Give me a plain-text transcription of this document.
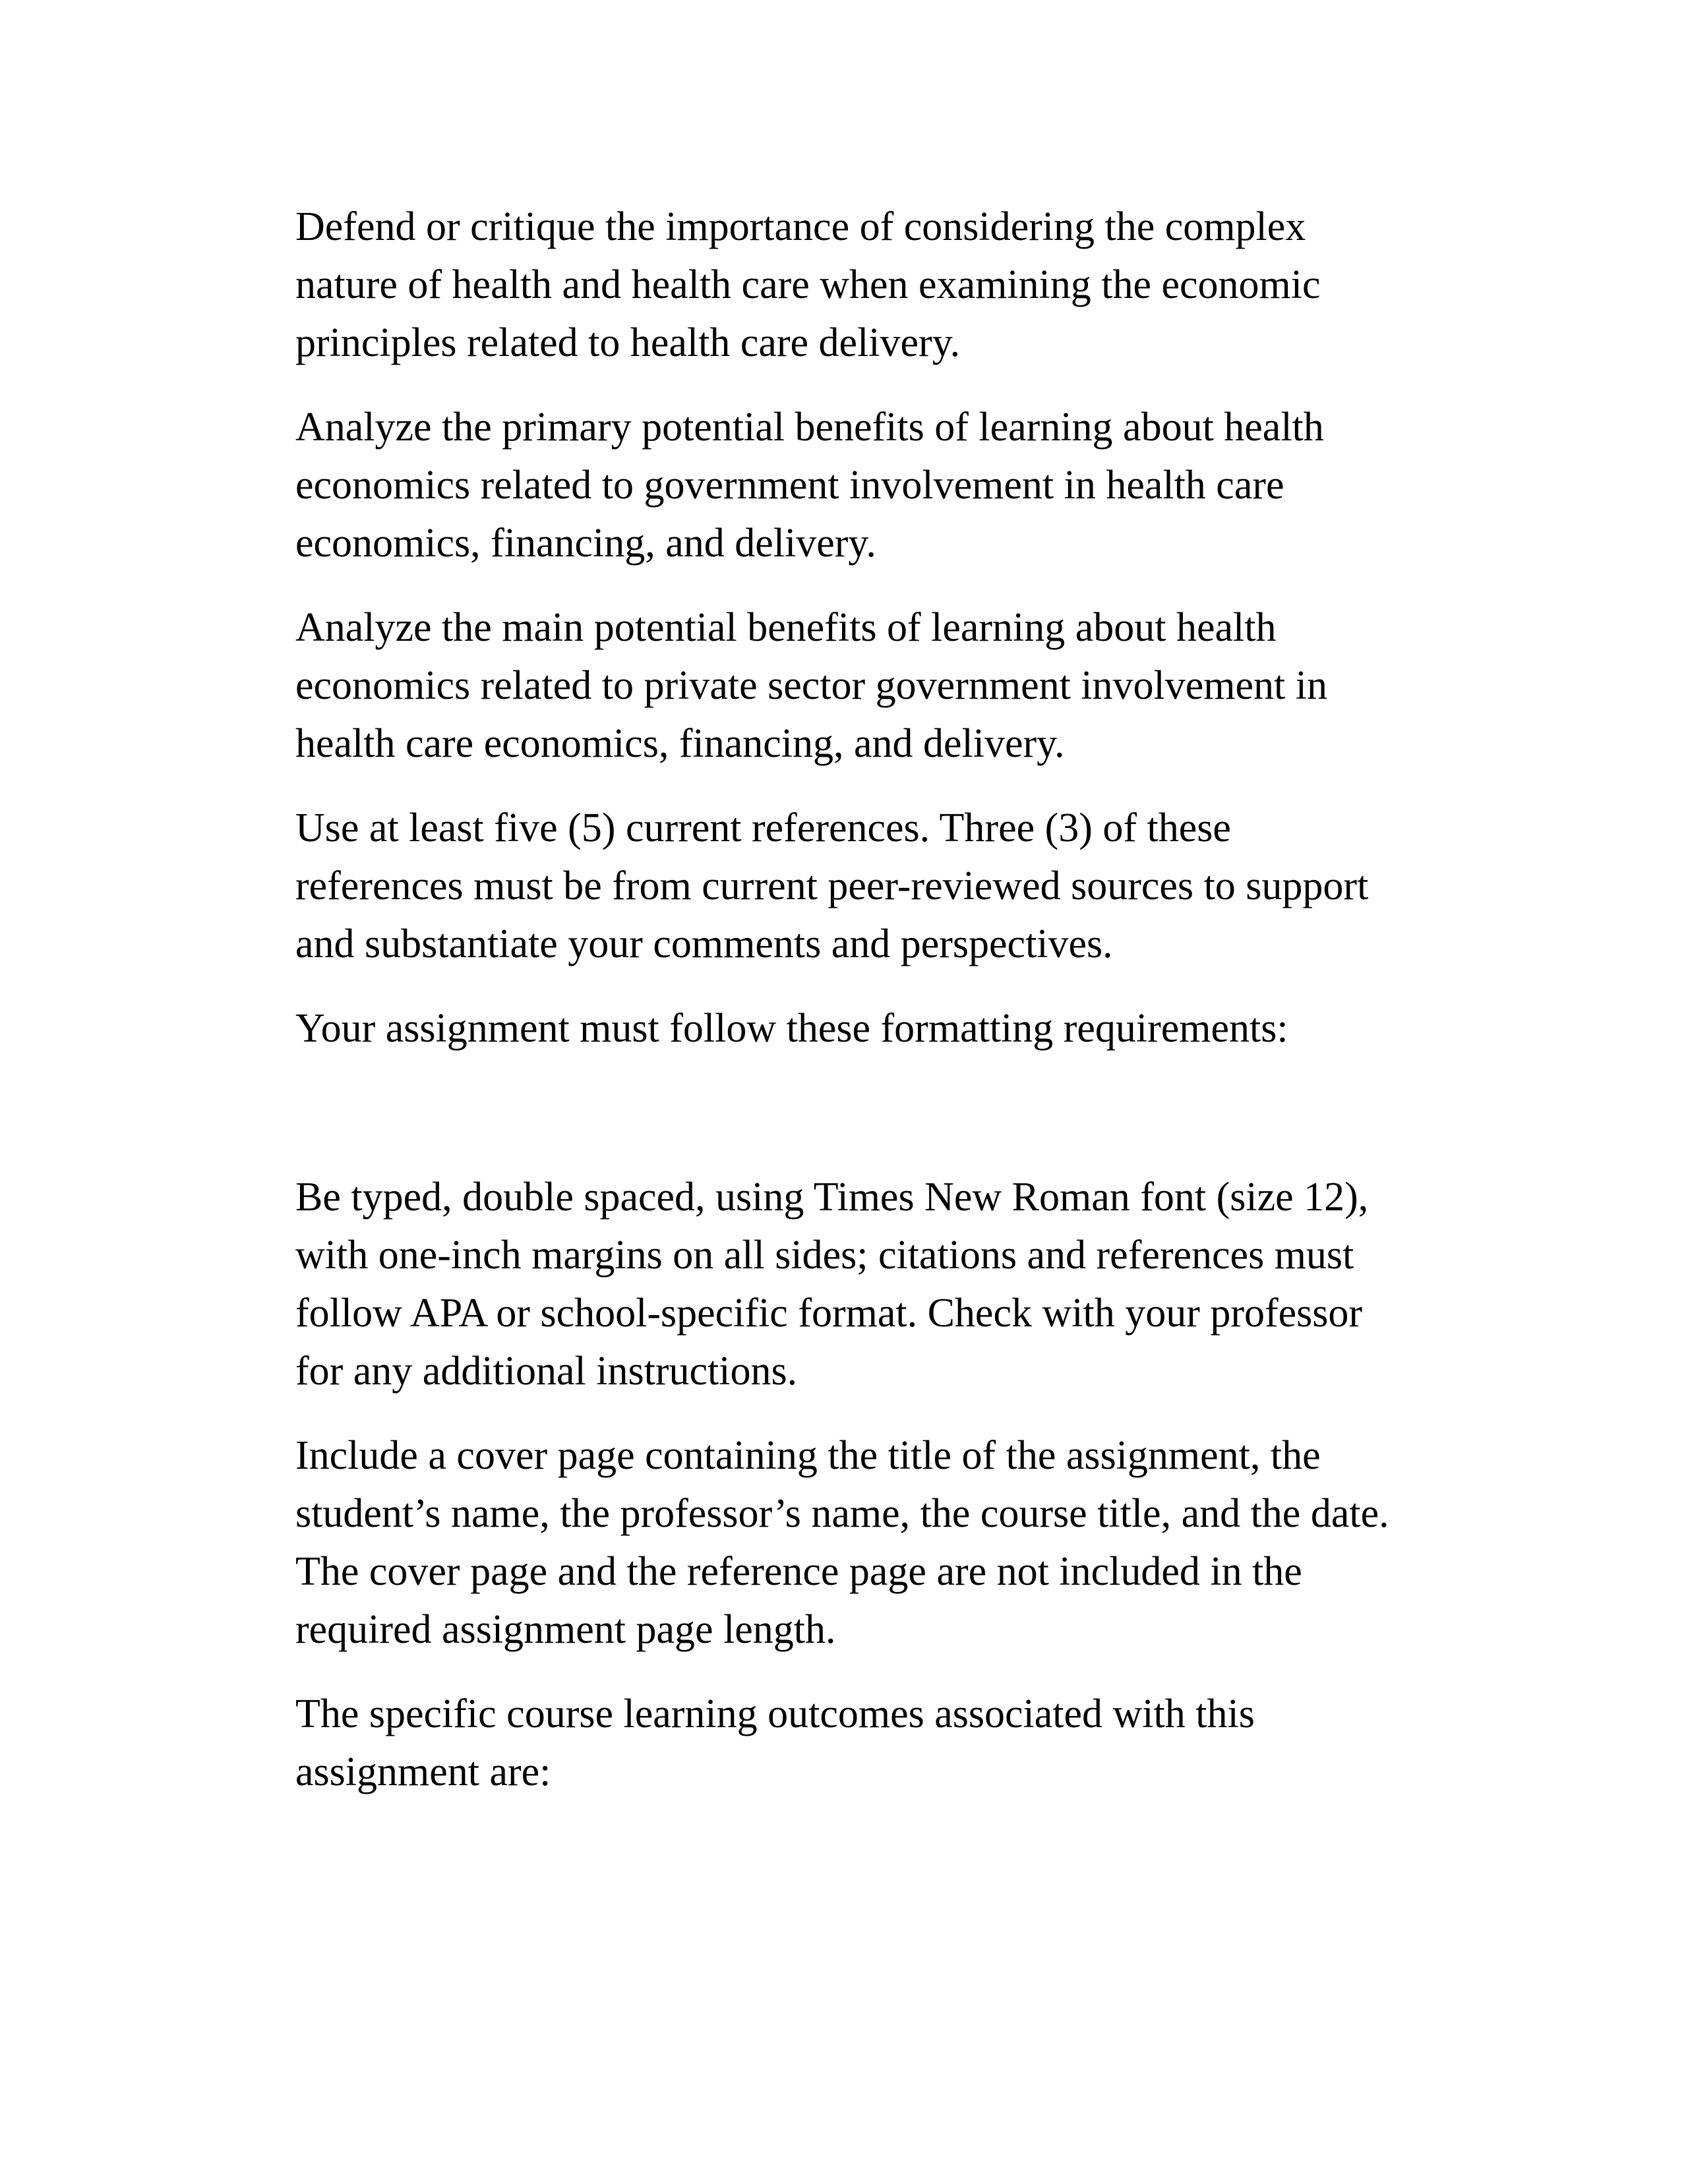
Defend or critique the importance of considering the complex
nature of health and health care when examining the economic
principles related to health care delivery.

Analyze the primary potential benefits of learning about health
economics related to government involvement in health care
economics, financing, and delivery.

Analyze the main potential benefits of learning about health
economics related to private sector government involvement in
health care economics, financing, and delivery.

Use at least five (5) current references. Three (3) of these
references must be from current peer-reviewed sources to support
and substantiate your comments and perspectives.

Your assignment must follow these formatting requirements:

Be typed, double spaced, using Times New Roman font (size 12),
with one-inch margins on all sides; citations and references must
follow APA or school-specific format. Check with your professor
for any additional instructions.

Include a cover page containing the title of the assignment, the
student’s name, the professor’s name, the course title, and the date.
The cover page and the reference page are not included in the
required assignment page length.

The specific course learning outcomes associated with this
assignment are:
